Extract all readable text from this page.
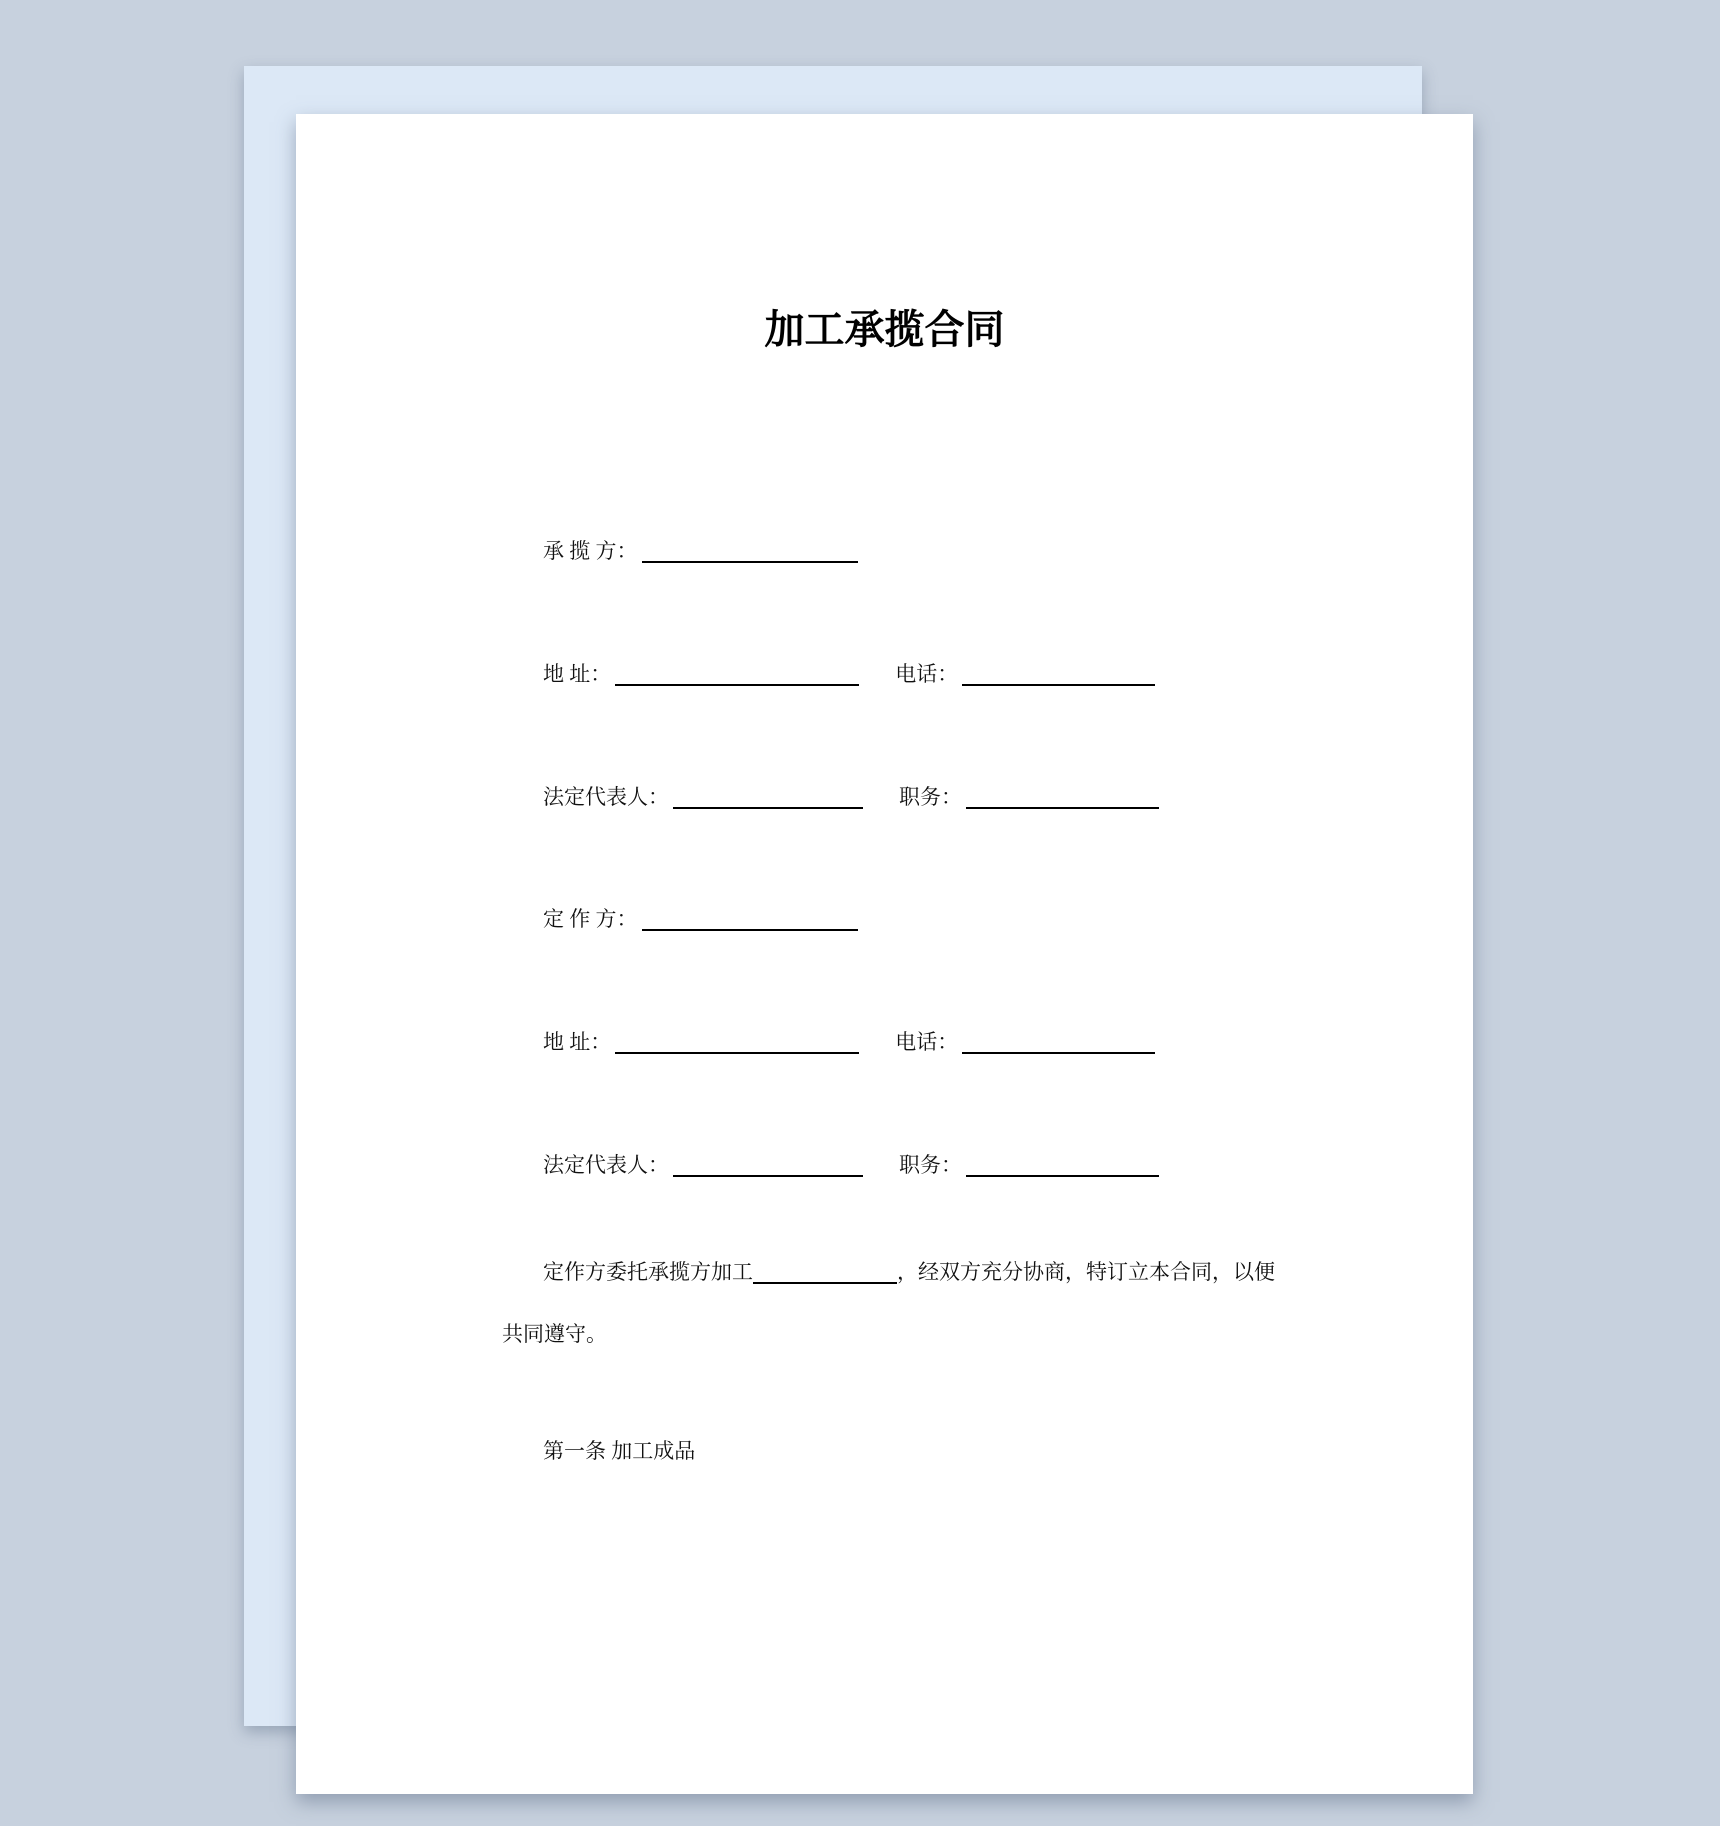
加工承揽合同
承 揽 方：
地 址：	电话：
法定代表人：	职务：
定 作 方：
地 址：	电话：
法定代表人：	职务：

定作方委托承揽方加工	，经双方充分协商，特订立本合同，以便
共同遵守。

第一条 加工成品
